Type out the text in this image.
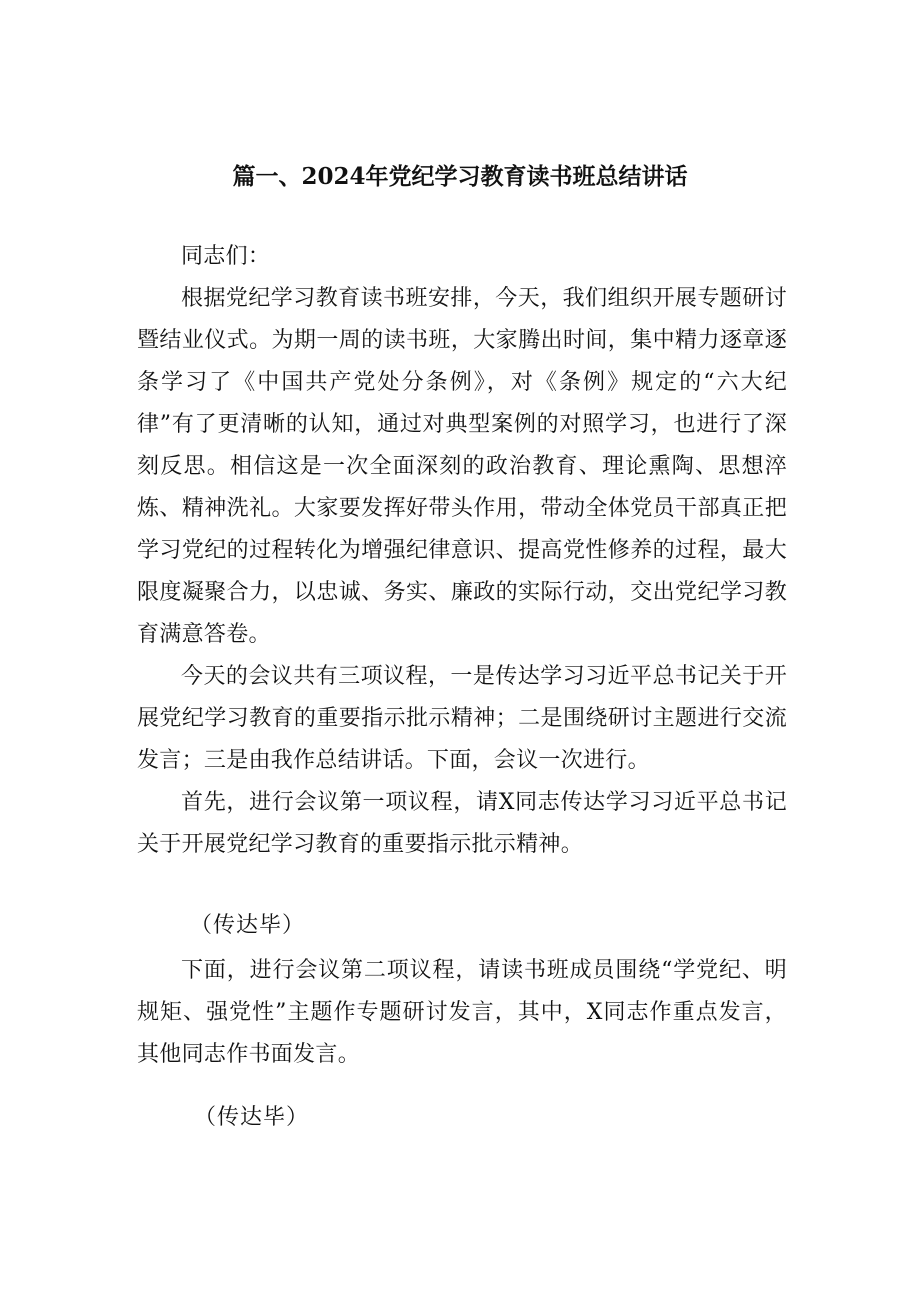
篇一、2024年党纪学习教育读书班总结讲话

同志们：

根据党纪学习教育读书班安排，今天，我们组织开展专题研讨暨结业仪式。为期一周的读书班，大家腾出时间，集中精力逐章逐条学习了《中国共产党处分条例》，对《条例》规定的“六大纪律”有了更清晰的认知，通过对典型案例的对照学习，也进行了深刻反思。相信这是一次全面深刻的政治教育、理论熏陶、思想淬炼、精神洗礼。大家要发挥好带头作用，带动全体党员干部真正把学习党纪的过程转化为增强纪律意识、提高党性修养的过程，最大限度凝聚合力，以忠诚、务实、廉政的实际行动，交出党纪学习教育满意答卷。

今天的会议共有三项议程，一是传达学习习近平总书记关于开展党纪学习教育的重要指示批示精神；二是围绕研讨主题进行交流发言；三是由我作总结讲话。下面，会议一次进行。

首先，进行会议第一项议程，请X同志传达学习习近平总书记关于开展党纪学习教育的重要指示批示精神。

（传达毕）

下面，进行会议第二项议程，请读书班成员围绕“学党纪、明规矩、强党性”主题作专题研讨发言，其中，X同志作重点发言，其他同志作书面发言。

（传达毕）
